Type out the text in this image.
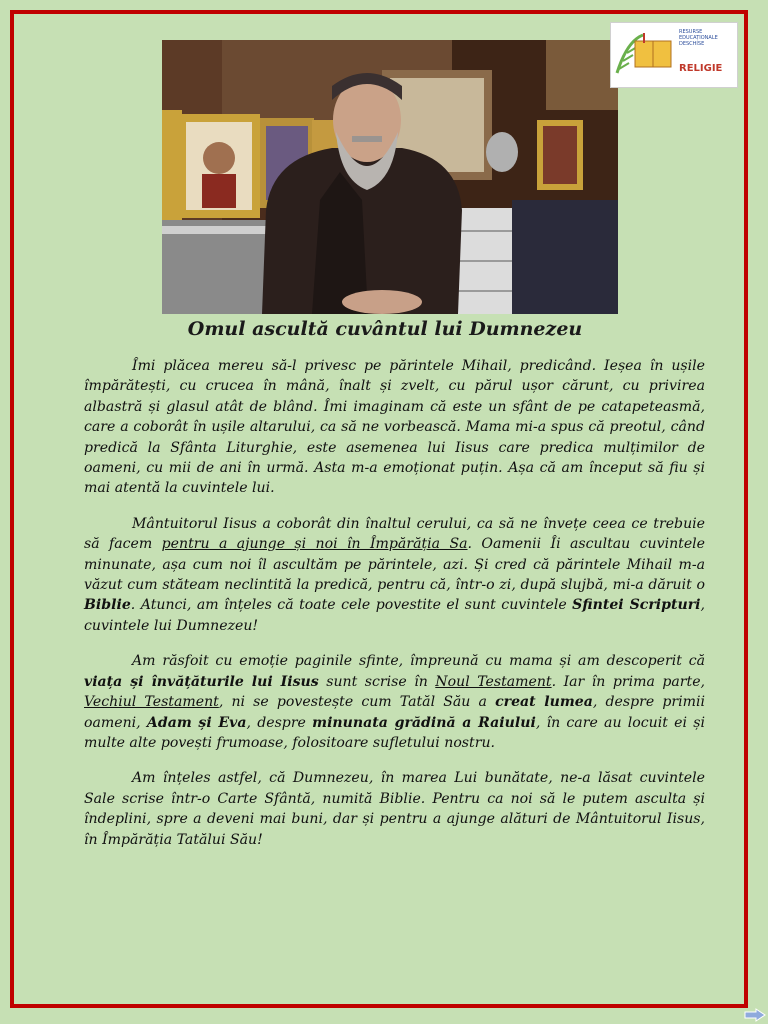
RESURSE EDUCAȚIONALE DESCHISE
RELIGIE
Omul ascultă cuvântul lui Dumnezeu

Îmi plăcea mereu să-l privesc pe părintele Mihail, predicând. Ieșea în ușile împărătești, cu crucea în mână, înalt și zvelt, cu părul ușor cărunt, cu privirea albastră și glasul atât de blând. Îmi imaginam că este un sfânt de pe catapeteasmă, care a coborât în ușile altarului, ca să ne vorbească. Mama mi-a spus că preotul, când predică la Sfânta Liturghie, este asemenea lui Iisus care predica mulțimilor de oameni, cu mii de ani în urmă. Asta m-a emoționat puțin. Așa că am început să fiu și mai atentă la cuvintele lui.

Mântuitorul Iisus a coborât din înaltul cerului, ca să ne învețe ceea ce trebuie să facem pentru a ajunge și noi în Împărăția Sa. Oamenii Îi ascultau cuvintele minunate, așa cum noi îl ascultăm pe părintele, azi. Și cred că părintele Mihail m-a văzut cum stăteam neclintită la predică, pentru că, într-o zi, după slujbă, mi-a dăruit o Biblie. Atunci, am înțeles că toate cele povestite el sunt cuvintele Sfintei Scripturi, cuvintele lui Dumnezeu!

Am răsfoit cu emoție paginile sfinte, împreună cu mama și am descoperit că viața și învățăturile lui Iisus sunt scrise în Noul Testament. Iar în prima parte, Vechiul Testament, ni se povestește cum Tatăl Său a creat lumea, despre primii oameni, Adam și Eva, despre minunata grădină a Raiului, în care au locuit ei și multe alte povești frumoase, folositoare sufletului nostru.

Am înțeles astfel, că Dumnezeu, în marea Lui bunătate, ne-a lăsat cuvintele Sale scrise într-o Carte Sfântă, numită Biblie. Pentru ca noi să le putem asculta și îndeplini, spre a deveni mai buni, dar și pentru a ajunge alături de Mântuitorul Iisus, în Împărăția Tatălui Său!
